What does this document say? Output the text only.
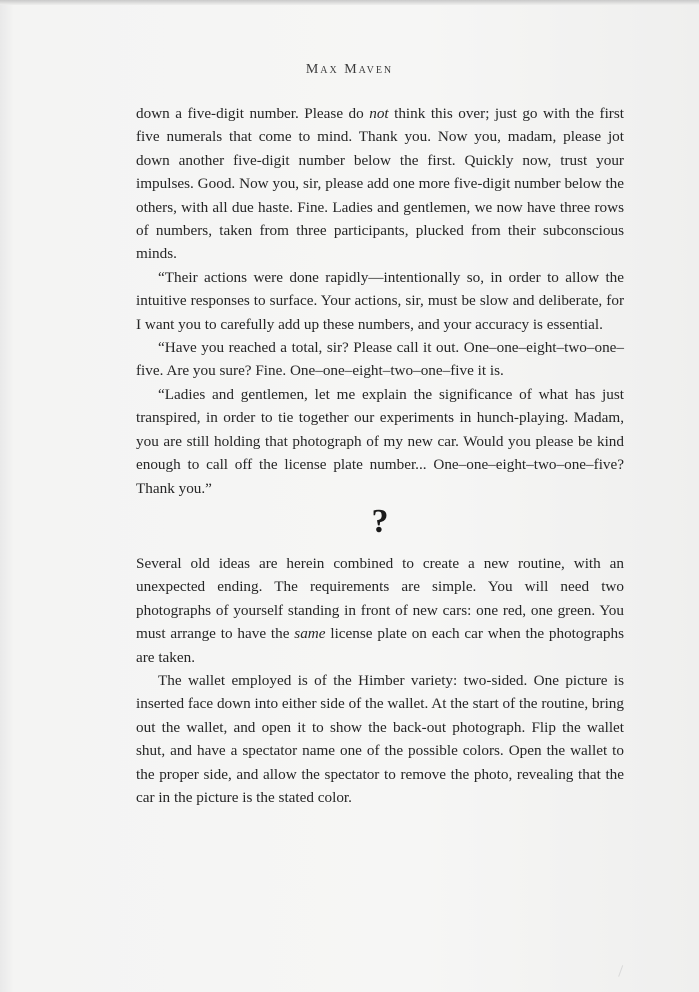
Max Maven

down a five-digit number. Please do not think this over; just go with the first five numerals that come to mind. Thank you. Now you, madam, please jot down another five-digit number below the first. Quickly now, trust your impulses. Good. Now you, sir, please add one more five-digit number below the others, with all due haste. Fine. Ladies and gentlemen, we now have three rows of numbers, taken from three participants, plucked from their subconscious minds.

“Their actions were done rapidly—intentionally so, in order to allow the intuitive responses to surface. Your actions, sir, must be slow and deliberate, for I want you to carefully add up these numbers, and your accuracy is essential.

“Have you reached a total, sir? Please call it out. One–one–eight–two–one–five. Are you sure? Fine. One–one–eight–two–one–five it is.

“Ladies and gentlemen, let me explain the significance of what has just transpired, in order to tie together our experiments in hunch-playing. Madam, you are still holding that photograph of my new car. Would you please be kind enough to call off the license plate number... One–one–eight–two–one–five? Thank you.”

?

Several old ideas are herein combined to create a new routine, with an unexpected ending. The requirements are simple. You will need two photographs of yourself standing in front of new cars: one red, one green. You must arrange to have the same license plate on each car when the photographs are taken.

The wallet employed is of the Himber variety: two-sided. One picture is inserted face down into either side of the wallet. At the start of the routine, bring out the wallet, and open it to show the back-out photograph. Flip the wallet shut, and have a spectator name one of the possible colors. Open the wallet to the proper side, and allow the spectator to remove the photo, revealing that the car in the picture is the stated color.
